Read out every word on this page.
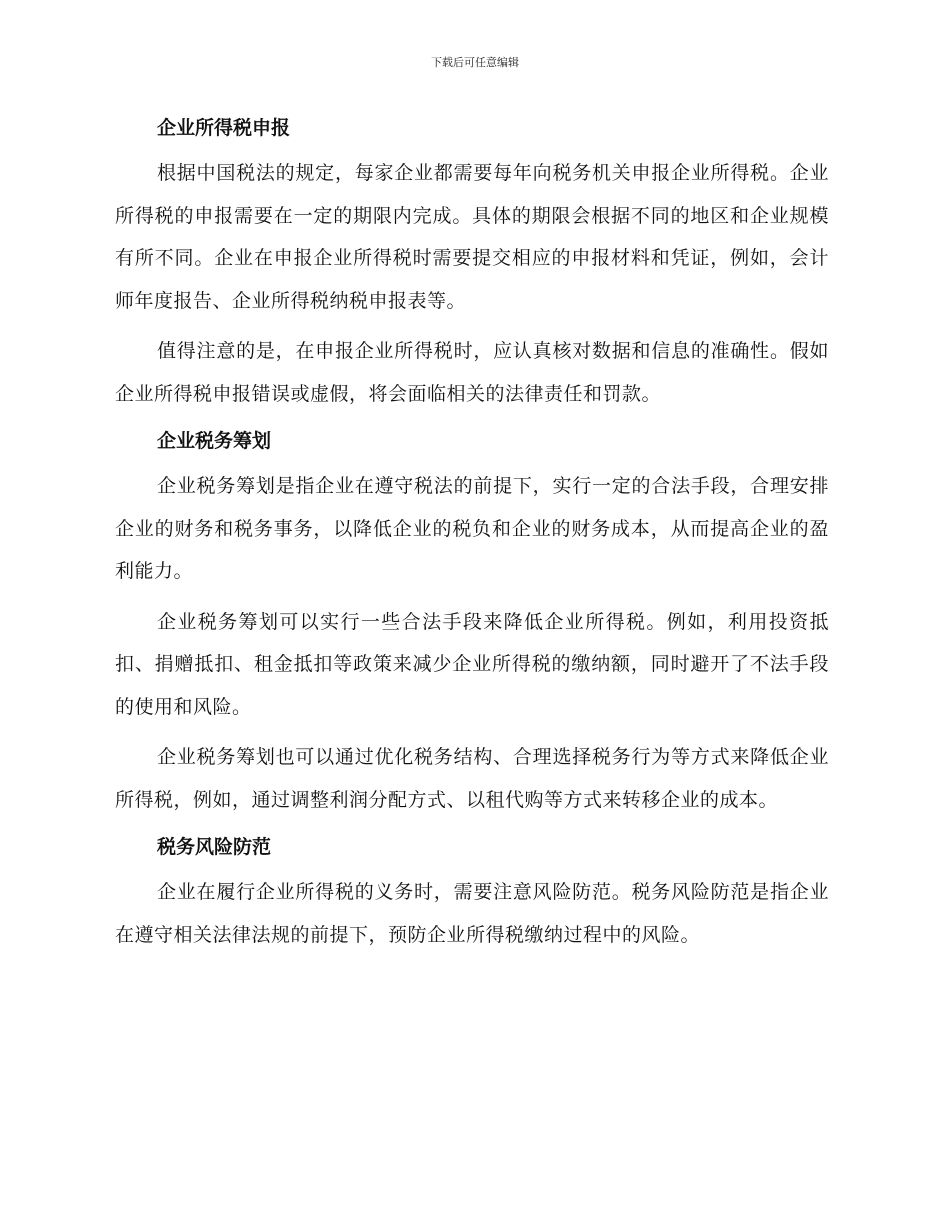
下载后可任意编辑
企业所得税申报

根据中国税法的规定，每家企业都需要每年向税务机关申报企业所得税。企业所得税的申报需要在一定的期限内完成。具体的期限会根据不同的地区和企业规模有所不同。企业在申报企业所得税时需要提交相应的申报材料和凭证，例如，会计师年度报告、企业所得税纳税申报表等。

值得注意的是，在申报企业所得税时，应认真核对数据和信息的准确性。假如企业所得税申报错误或虚假，将会面临相关的法律责任和罚款。

企业税务筹划

企业税务筹划是指企业在遵守税法的前提下，实行一定的合法手段，合理安排企业的财务和税务事务，以降低企业的税负和企业的财务成本，从而提高企业的盈利能力。

企业税务筹划可以实行一些合法手段来降低企业所得税。例如，利用投资抵扣、捐赠抵扣、租金抵扣等政策来减少企业所得税的缴纳额，同时避开了不法手段的使用和风险。

企业税务筹划也可以通过优化税务结构、合理选择税务行为等方式来降低企业所得税，例如，通过调整利润分配方式、以租代购等方式来转移企业的成本。

税务风险防范

企业在履行企业所得税的义务时，需要注意风险防范。税务风险防范是指企业在遵守相关法律法规的前提下，预防企业所得税缴纳过程中的风险。
